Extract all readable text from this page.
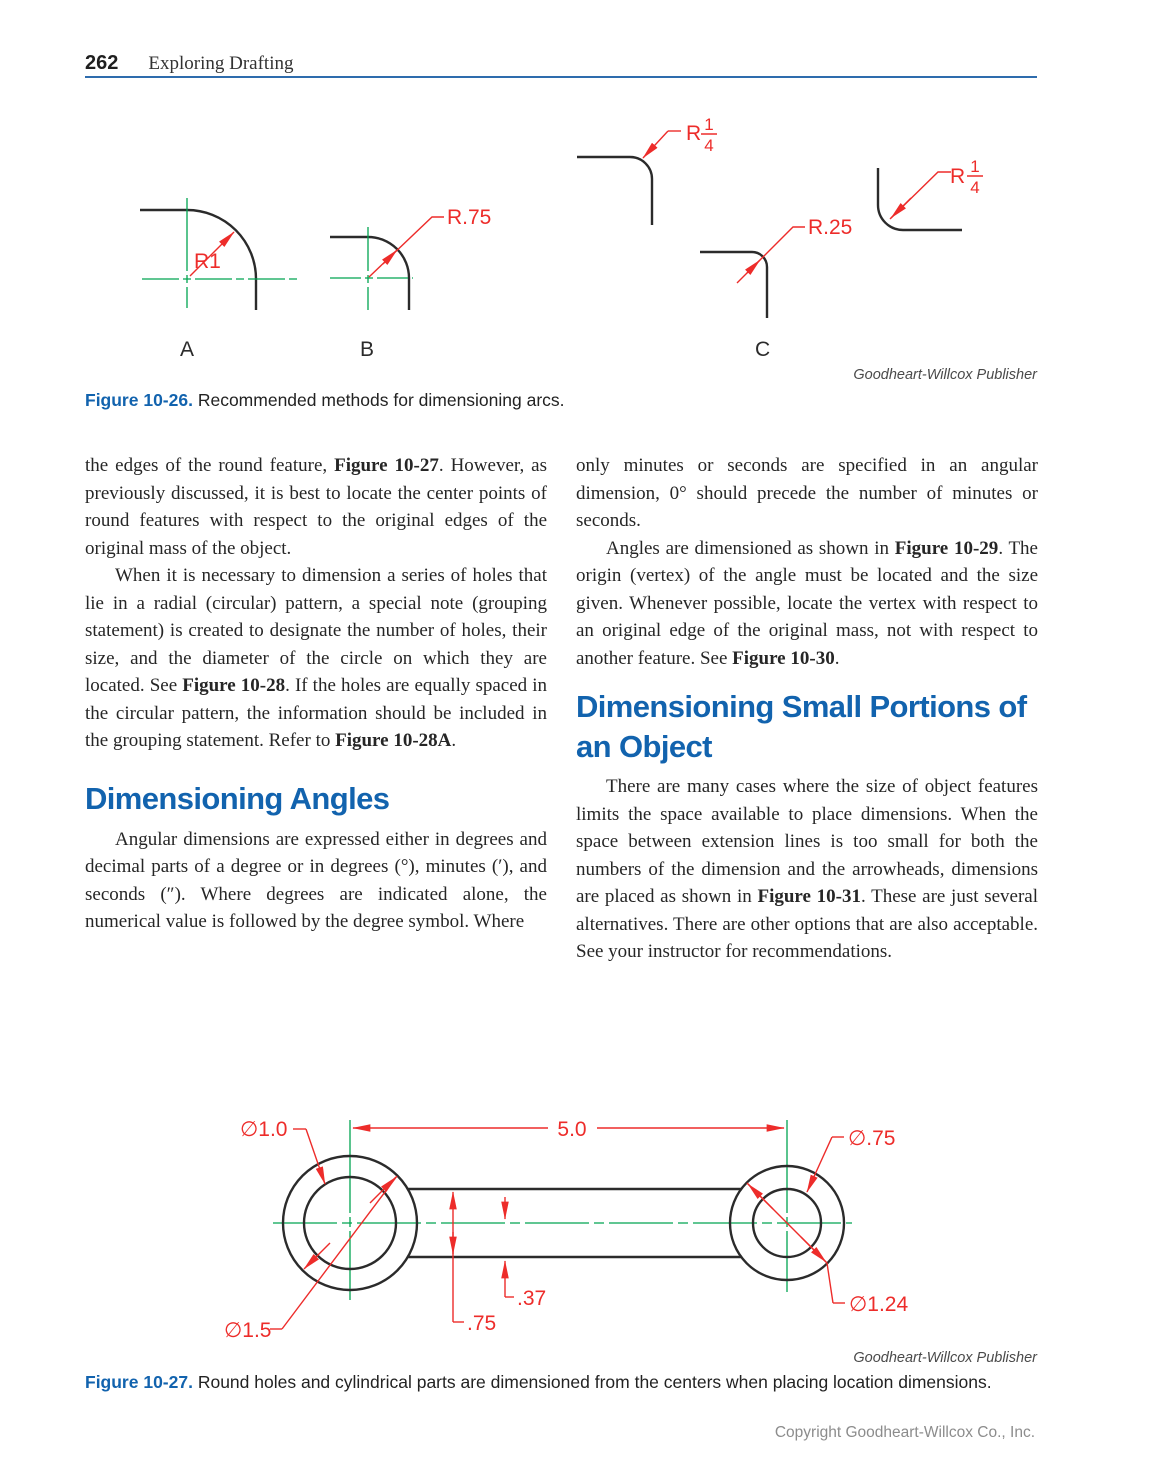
262 Exploring Drafting
R1
A
R.75
B
R 1
4
R.25
R 1
4
C
Goodheart-Willcox Publisher
Figure 10-26. Recommended methods for dimensioning arcs.

the edges of the round feature, Figure 10-27. However, as previously discussed, it is best to locate the center points of round features with respect to the original edges of the original mass of the object.

When it is necessary to dimension a series of holes that lie in a radial (circular) pattern, a special note (grouping statement) is created to designate the number of holes, their size, and the diameter of the circle on which they are located. See Figure 10-28. If the holes are equally spaced in the circular pattern, the information should be included in the grouping statement. Refer to Figure 10-28A.

Dimensioning Angles

Angular dimensions are expressed either in degrees and decimal parts of a degree or in degrees (°), minutes (′), and seconds (″). Where degrees are indicated alone, the numerical value is followed by the degree symbol. Where

only minutes or seconds are specified in an angular dimension, 0° should precede the number of minutes or seconds.

Angles are dimensioned as shown in Figure 10-29. The origin (vertex) of the angle must be located and the size given. Whenever possible, locate the vertex with respect to an original edge of the original mass, not with respect to another feature. See Figure 10-30.

Dimensioning Small Portions of an Object

There are many cases where the size of object features limits the space available to place dimensions. When the space between extension lines is too small for both the numbers of the dimension and the arrowheads, dimensions are placed as shown in Figure 10-31. These are just several alternatives. There are other options that are also acceptable. See your instructor for recommendations.

5.0
∅1.0
∅1.5
∅.75
∅1.24
.75
.37
Goodheart-Willcox Publisher
Figure 10-27. Round holes and cylindrical parts are dimensioned from the centers when placing location dimensions.
Copyright Goodheart-Willcox Co., Inc.
